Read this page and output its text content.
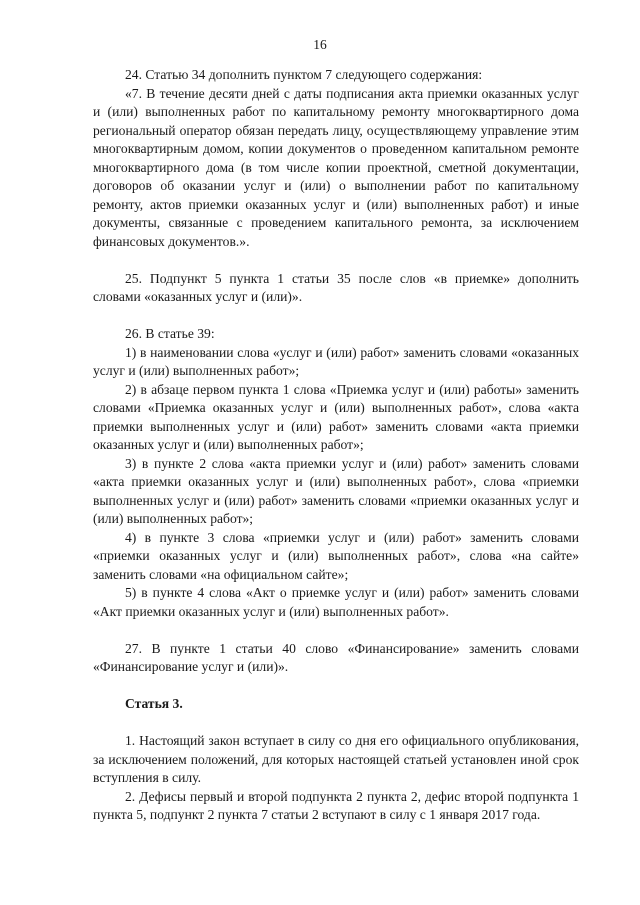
16

24. Статью 34 дополнить пунктом 7 следующего содержания:

«7. В течение десяти дней с даты подписания акта приемки оказанных услуг и (или) выполненных работ по капитальному ремонту многоквартирного дома региональный оператор обязан передать лицу, осуществляющему управление этим многоквартирным домом, копии документов о проведенном капитальном ремонте многоквартирного дома (в том числе копии проектной, сметной документации, договоров об оказании услуг и (или) о выполнении работ по капитальному ремонту, актов приемки оказанных услуг и (или) выполненных работ) и иные документы, связанные с проведением капитального ремонта, за исключением финансовых документов.».

25. Подпункт 5 пункта 1 статьи 35 после слов «в приемке» дополнить словами «оказанных услуг и (или)».

26. В статье 39:

1) в наименовании слова «услуг и (или) работ» заменить словами «оказанных услуг и (или) выполненных работ»;

2) в абзаце первом пункта 1 слова «Приемка услуг и (или) работы» заменить словами «Приемка оказанных услуг и (или) выполненных работ», слова «акта приемки выполненных услуг и (или) работ» заменить словами «акта приемки оказанных услуг и (или) выполненных работ»;

3) в пункте 2 слова «акта приемки услуг и (или) работ» заменить словами «акта приемки оказанных услуг и (или) выполненных работ», слова «приемки выполненных услуг и (или) работ» заменить словами «приемки оказанных услуг и (или) выполненных работ»;

4) в пункте 3 слова «приемки услуг и (или) работ» заменить словами «приемки оказанных услуг и (или) выполненных работ», слова «на сайте» заменить словами «на официальном сайте»;

5) в пункте 4 слова «Акт о приемке услуг и (или) работ» заменить словами «Акт приемки оказанных услуг и (или) выполненных работ».

27. В пункте 1 статьи 40 слово «Финансирование» заменить словами «Финансирование услуг и (или)».

Статья 3.

1. Настоящий закон вступает в силу со дня его официального опубликования, за исключением положений, для которых настоящей статьей установлен иной срок вступления в силу.

2. Дефисы первый и второй подпункта 2 пункта 2, дефис второй подпункта 1 пункта 5, подпункт 2 пункта 7 статьи 2 вступают в силу с 1 января 2017 года.
